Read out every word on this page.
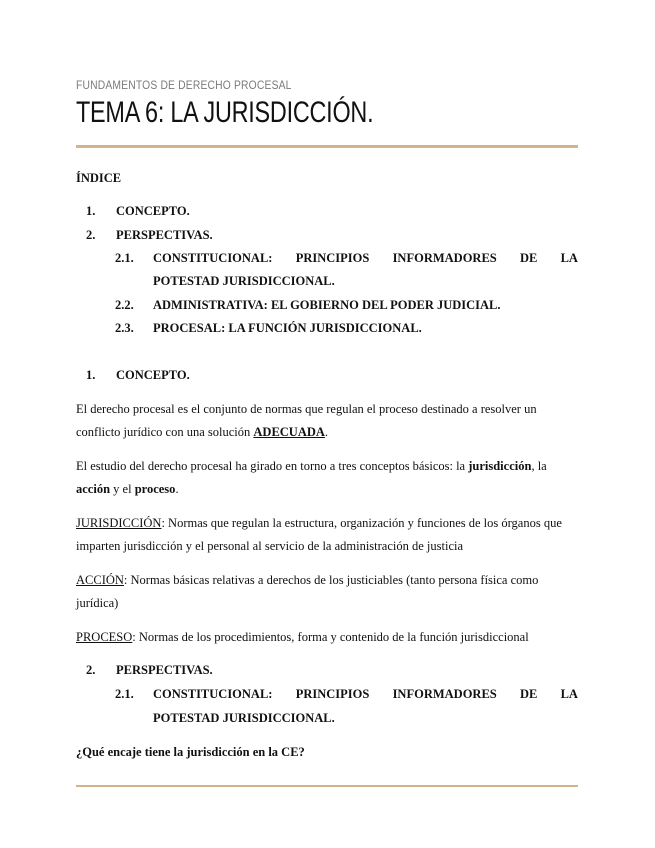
FUNDAMENTOS DE DERECHO PROCESAL
TEMA 6: LA JURISDICCIÓN.
ÍNDICE
1. CONCEPTO.
2. PERSPECTIVAS.
2.1. CONSTITUCIONAL: PRINCIPIOS INFORMADORES DE LA
POTESTAD JURISDICCIONAL.
2.2. ADMINISTRATIVA: EL GOBIERNO DEL PODER JUDICIAL.
2.3. PROCESAL: LA FUNCIÓN JURISDICCIONAL.
1. CONCEPTO.
El derecho procesal es el conjunto de normas que regulan el proceso destinado a resolver un
conflicto jurídico con una solución ADECUADA.
El estudio del derecho procesal ha girado en torno a tres conceptos básicos: la jurisdicción, la
acción y el proceso.
JURISDICCIÓN: Normas que regulan la estructura, organización y funciones de los órganos que
imparten jurisdicción y el personal al servicio de la administración de justicia
ACCIÓN: Normas básicas relativas a derechos de los justiciables (tanto persona física como
jurídica)
PROCESO: Normas de los procedimientos, forma y contenido de la función jurisdiccional
2. PERSPECTIVAS.
2.1. CONSTITUCIONAL: PRINCIPIOS INFORMADORES DE LA
POTESTAD JURISDICCIONAL.
¿Qué encaje tiene la jurisdicción en la CE?
